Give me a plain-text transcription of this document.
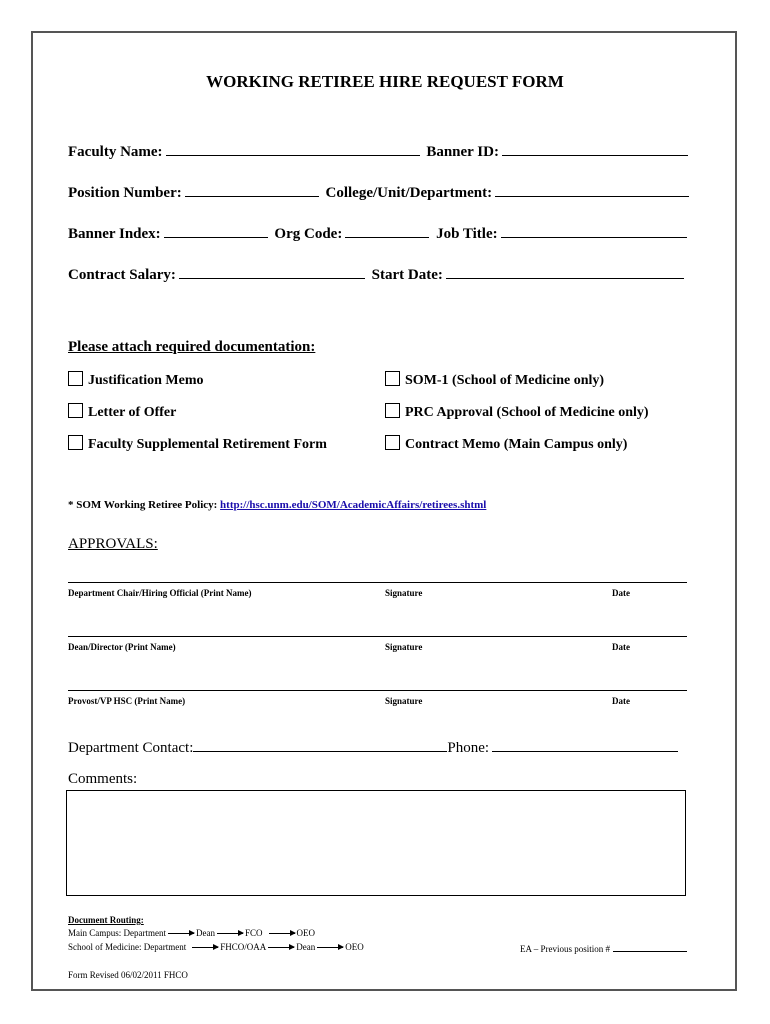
WORKING RETIREE HIRE REQUEST FORM
Faculty Name:	Banner ID:
Position Number:	College/Unit/Department:
Banner Index:	Org Code:	Job Title:
Contract Salary:	Start Date:
Please attach required documentation:
Justification Memo
Letter of Offer
Faculty Supplemental Retirement Form
SOM-1 (School of Medicine only)
PRC Approval (School of Medicine only)
Contract Memo (Main Campus only)
* SOM Working Retiree Policy: http://hsc.unm.edu/SOM/AcademicAffairs/retirees.shtml
APPROVALS:
Department Chair/Hiring Official (Print Name)	Signature	Date
Dean/Director (Print Name)	Signature	Date
Provost/VP HSC (Print Name)	Signature	Date
Department Contact:	Phone:
Comments:
Document Routing:
Main Campus: Department	Dean	FCO	OEO
School of Medicine: Department	FHCO/OAA	Dean	OEO	EA – Previous position #
Form Revised 06/02/2011 FHCO
